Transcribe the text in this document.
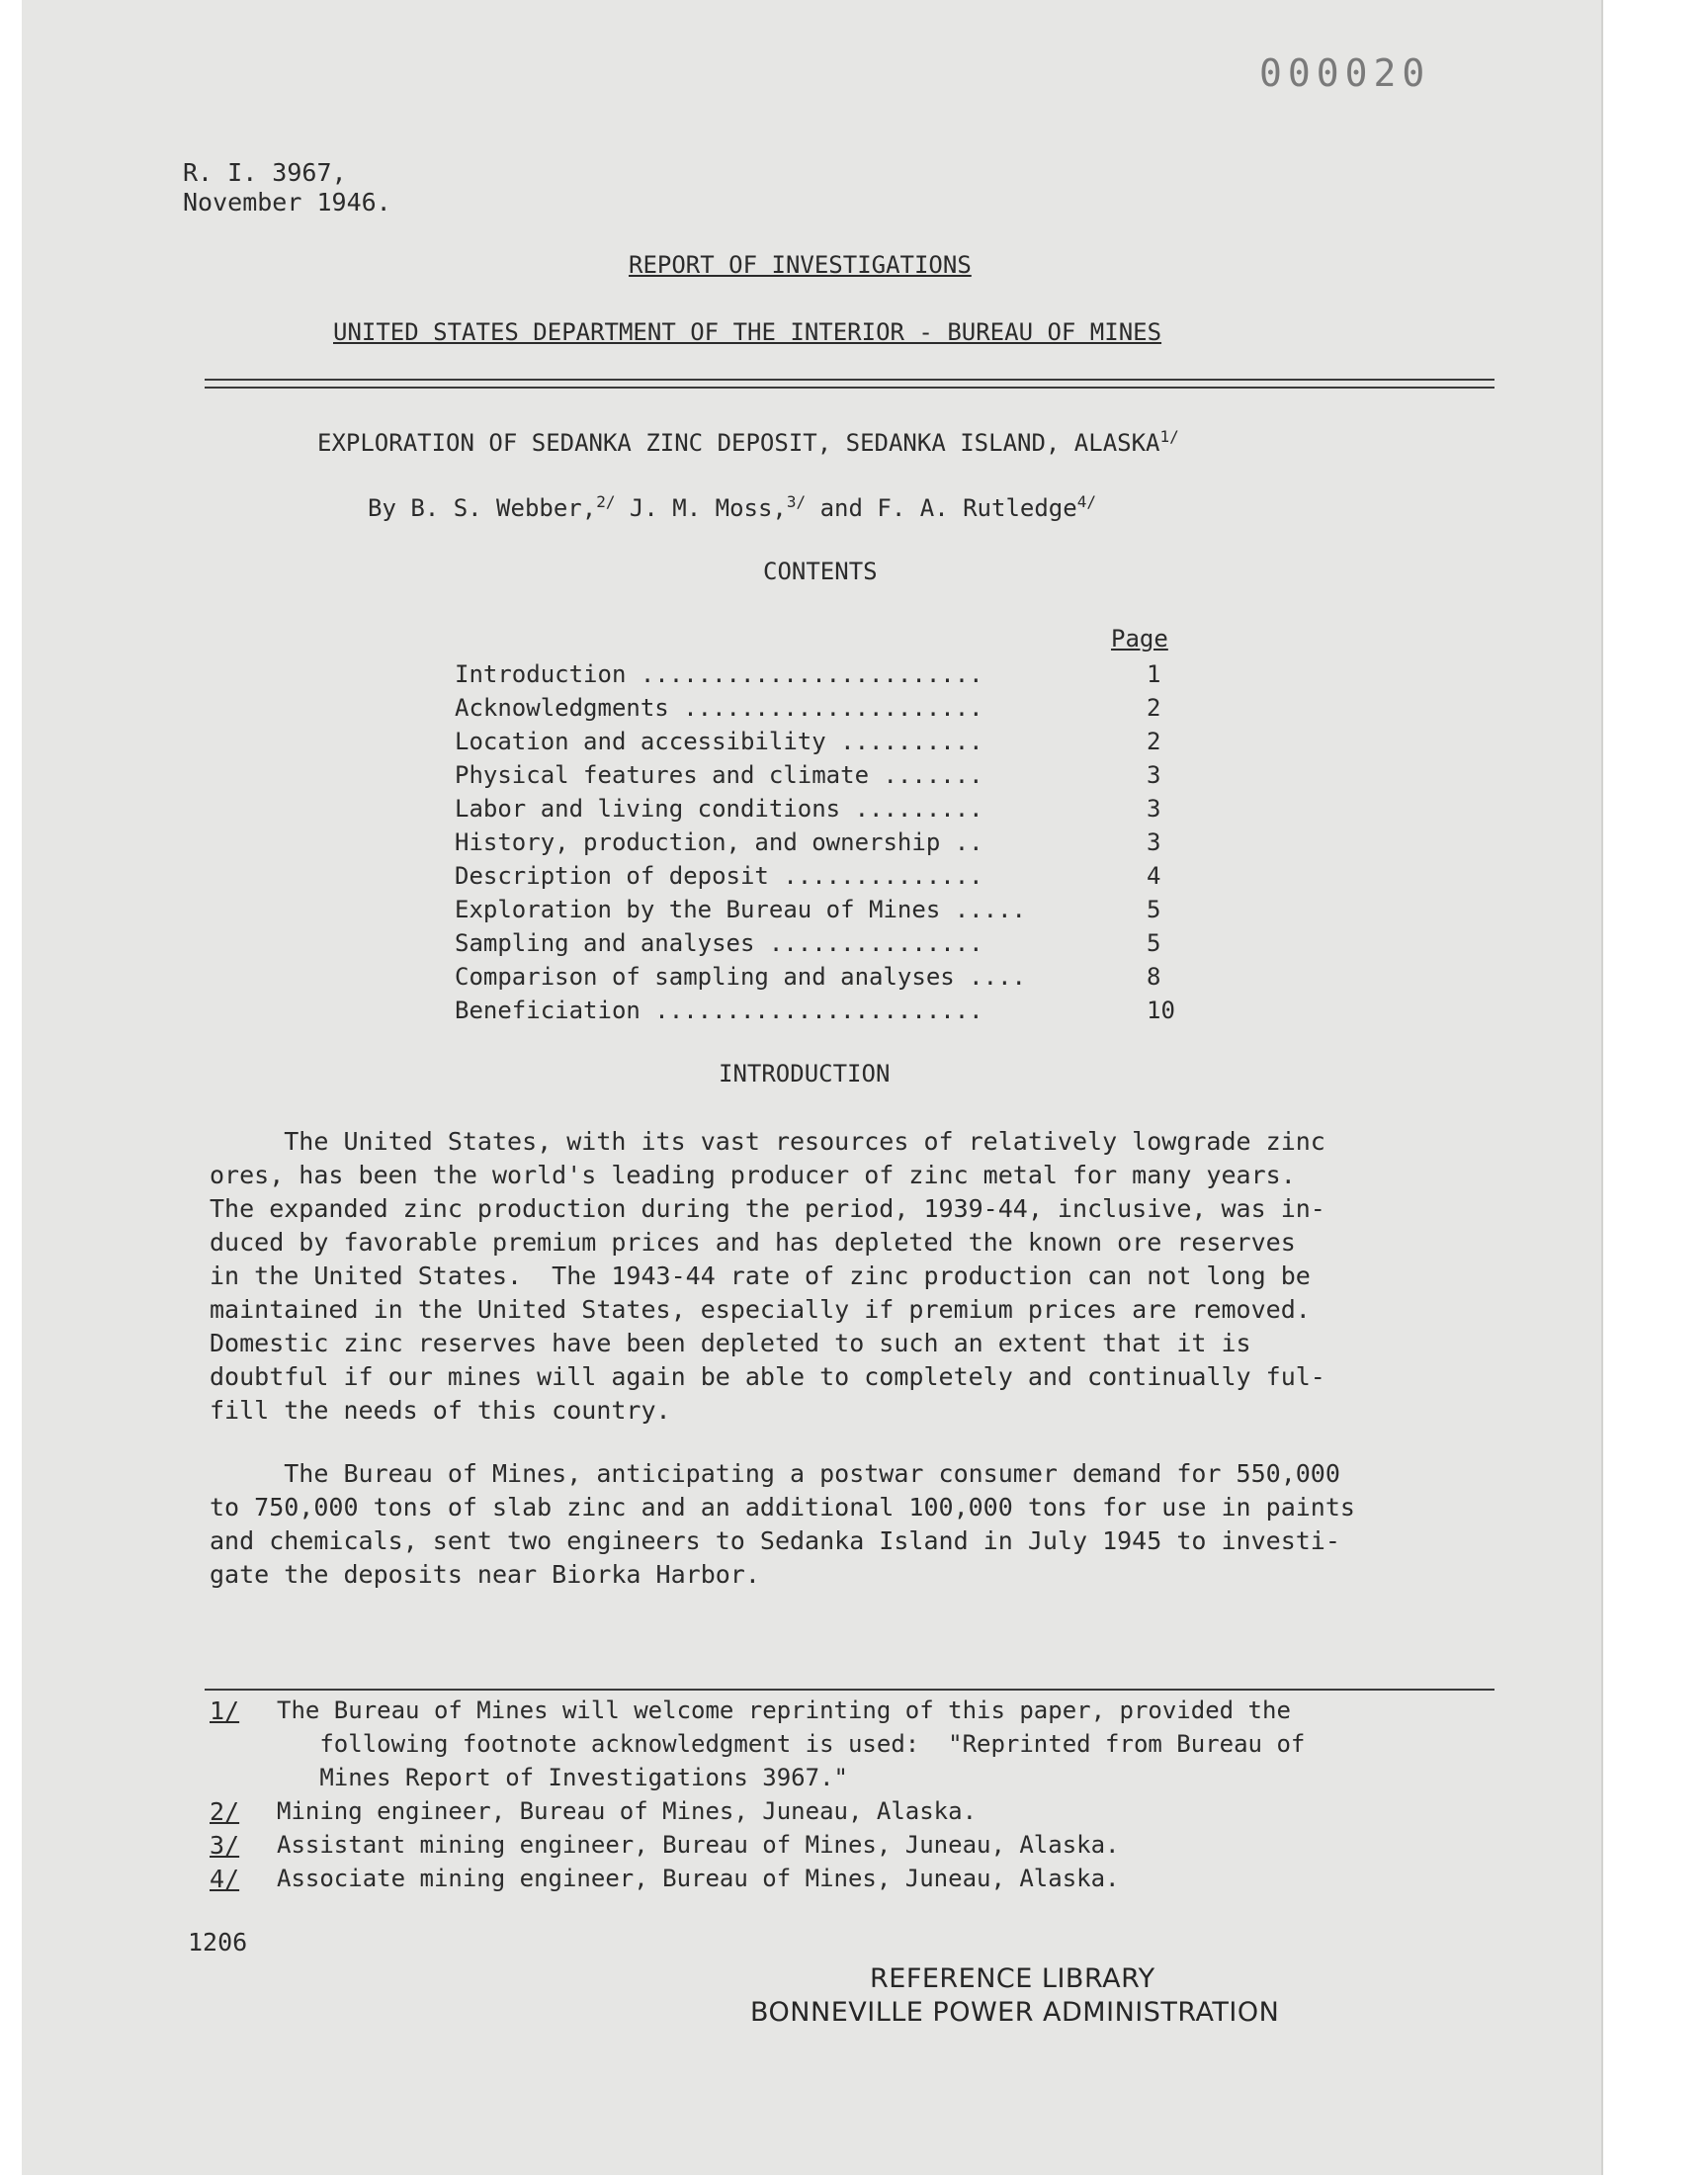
000020
R. I. 3967,
November 1946.
REPORT OF INVESTIGATIONS
UNITED STATES DEPARTMENT OF THE INTERIOR - BUREAU OF MINES
EXPLORATION OF SEDANKA ZINC DEPOSIT, SEDANKA ISLAND, $ALASKA^{1/}$
By B. S. Webber,$^{2/}$ J. M. Moss,$^{3/}$ and F. A. Rutledge$^{4/}$
CONTENTS
Page
Introduction ........................	1
Acknowledgments .....................	2
Location and accessibility ..........	2
Physical features and climate .......	3
Labor and living conditions .........	3
History, production, and ownership ..	3
Description of deposit ..............	4
Exploration by the Bureau of Mines .....	5
Sampling and analyses ...............	5
Comparison of sampling and analyses ....	8
Beneficiation .......................	10
INTRODUCTION
The United States, with its vast resources of relatively lowgrade zinc
ores, has been the world's leading producer of zinc metal for many years.
The expanded zinc production during the period, 1939-44, inclusive, was in-
duced by favorable premium prices and has depleted the known ore reserves
in the United States.  The 1943-44 rate of zinc production can not long be
maintained in the United States, especially if premium prices are removed.
Domestic zinc reserves have been depleted to such an extent that it is
doubtful if our mines will again be able to completely and continually ful-
fill the needs of this country.
The Bureau of Mines, anticipating a postwar consumer demand for 550,000
to 750,000 tons of slab zinc and an additional 100,000 tons for use in paints
and chemicals, sent two engineers to Sedanka Island in July 1945 to investi-
gate the deposits near Biorka Harbor.
1/ The Bureau of Mines will welcome reprinting of this paper, provided the
following footnote acknowledgment is used:  "Reprinted from Bureau of
Mines Report of Investigations 3967."
2/ Mining engineer, Bureau of Mines, Juneau, Alaska.
3/ Assistant mining engineer, Bureau of Mines, Juneau, Alaska.
4/ Associate mining engineer, Bureau of Mines, Juneau, Alaska.
1206
REFERENCE LIBRARY
BONNEVILLE POWER ADMINISTRATION
